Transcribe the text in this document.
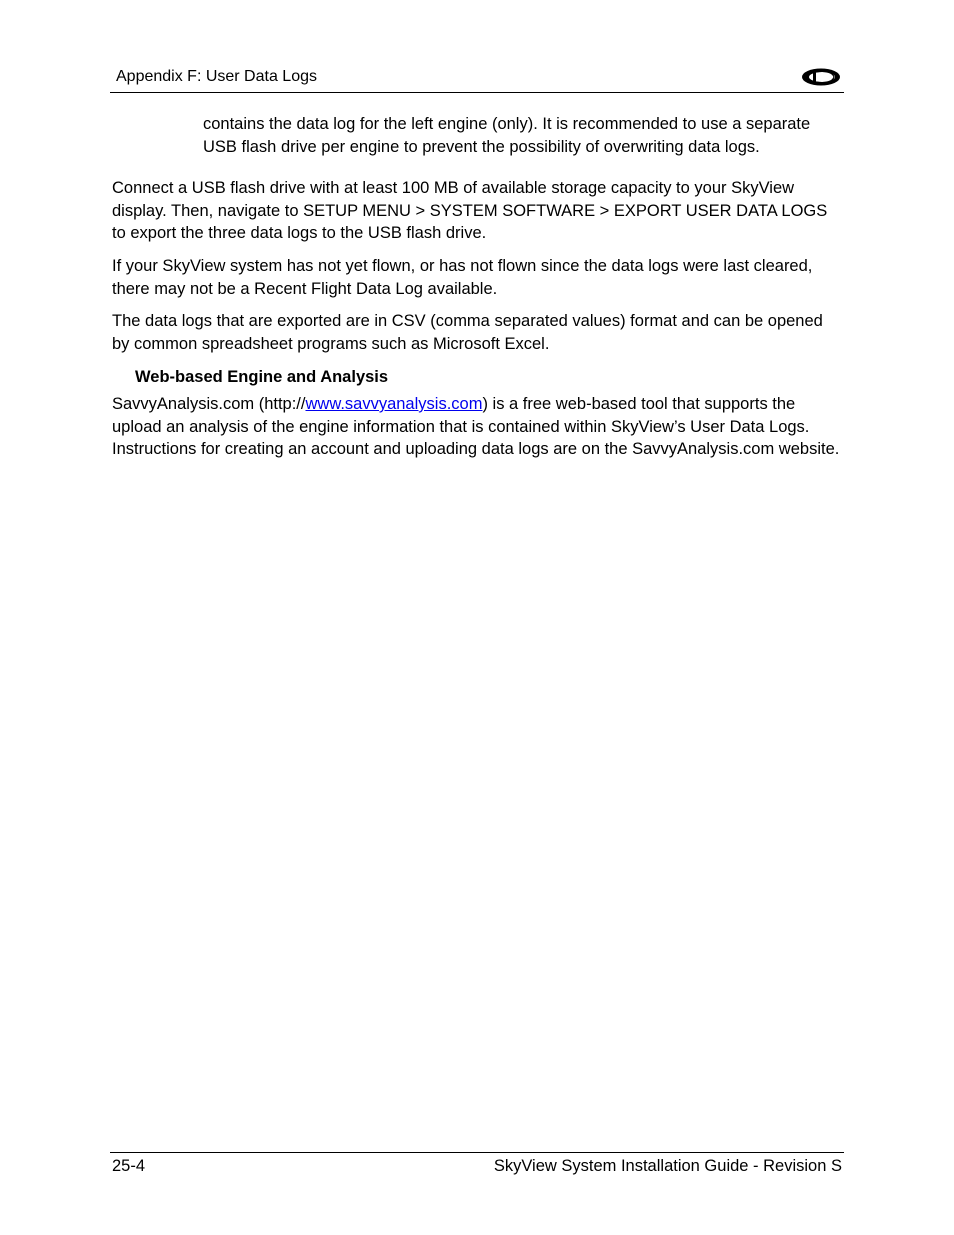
Appendix F: User Data Logs

contains the data log for the left engine (only). It is recommended to use a separate USB flash drive per engine to prevent the possibility of overwriting data logs.

Connect a USB flash drive with at least 100 MB of available storage capacity to your SkyView display. Then, navigate to SETUP MENU > SYSTEM SOFTWARE > EXPORT USER DATA LOGS to export the three data logs to the USB flash drive.

If your SkyView system has not yet flown, or has not flown since the data logs were last cleared, there may not be a Recent Flight Data Log available.

The data logs that are exported are in CSV (comma separated values) format and can be opened by common spreadsheet programs such as Microsoft Excel.

Web-based Engine and Analysis

SavvyAnalysis.com (http://www.savvyanalysis.com) is a free web-based tool that supports the upload an analysis of the engine information that is contained within SkyView’s User Data Logs. Instructions for creating an account and uploading data logs are on the SavvyAnalysis.com website.

25-4	SkyView System Installation Guide - Revision S
